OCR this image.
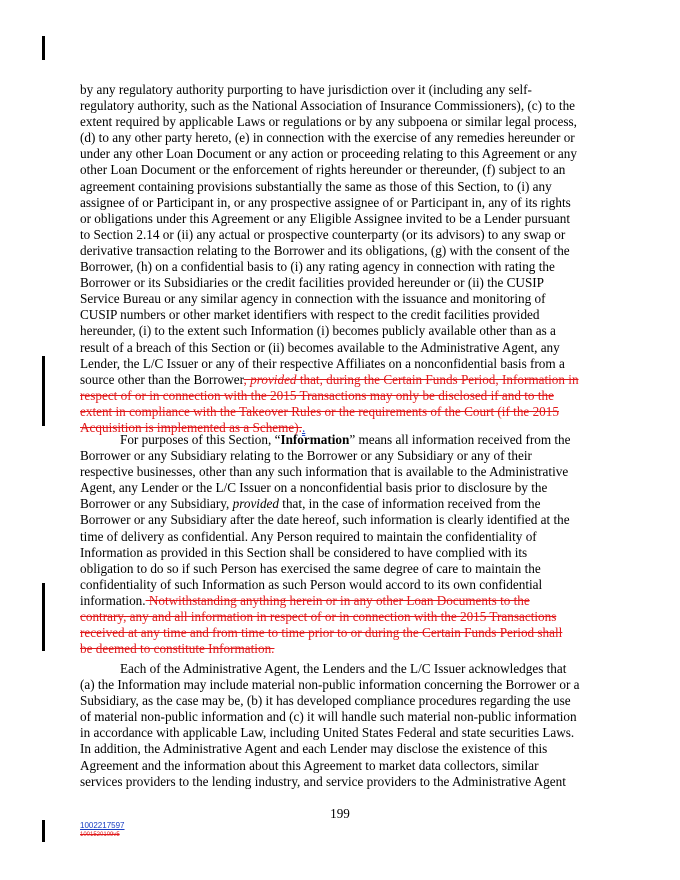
by any regulatory authority purporting to have jurisdiction over it (including any self-
regulatory authority, such as the National Association of Insurance Commissioners), (c) to the
extent required by applicable Laws or regulations or by any subpoena or similar legal process,
(d) to any other party hereto, (e) in connection with the exercise of any remedies hereunder or
under any other Loan Document or any action or proceeding relating to this Agreement or any
other Loan Document or the enforcement of rights hereunder or thereunder, (f) subject to an
agreement containing provisions substantially the same as those of this Section, to (i) any
assignee of or Participant in, or any prospective assignee of or Participant in, any of its rights
or obligations under this Agreement or any Eligible Assignee invited to be a Lender pursuant
to Section 2.14 or (ii) any actual or prospective counterparty (or its advisors) to any swap or
derivative transaction relating to the Borrower and its obligations, (g) with the consent of the
Borrower, (h) on a confidential basis to (i) any rating agency in connection with rating the
Borrower or its Subsidiaries or the credit facilities provided hereunder or (ii) the CUSIP
Service Bureau or any similar agency in connection with the issuance and monitoring of
CUSIP numbers or other market identifiers with respect to the credit facilities provided
hereunder, (i) to the extent such Information (i) becomes publicly available other than as a
result of a breach of this Section or (ii) becomes available to the Administrative Agent, any
Lender, the L/C Issuer or any of their respective Affiliates on a nonconfidential basis from a
source other than the Borrower, provided that, during the Certain Funds Period, Information in
respect of or in connection with the 2015 Transactions may only be disclosed if and to the
extent in compliance with the Takeover Rules or the requirements of the Court (if the 2015
Acquisition is implemented as a Scheme)..
For purposes of this Section, “Information” means all information received from the
Borrower or any Subsidiary relating to the Borrower or any Subsidiary or any of their
respective businesses, other than any such information that is available to the Administrative
Agent, any Lender or the L/C Issuer on a nonconfidential basis prior to disclosure by the
Borrower or any Subsidiary, provided that, in the case of information received from the
Borrower or any Subsidiary after the date hereof, such information is clearly identified at the
time of delivery as confidential. Any Person required to maintain the confidentiality of
Information as provided in this Section shall be considered to have complied with its
obligation to do so if such Person has exercised the same degree of care to maintain the
confidentiality of such Information as such Person would accord to its own confidential
information. Notwithstanding anything herein or in any other Loan Documents to the
contrary, any and all information in respect of or in connection with the 2015 Transactions
received at any time and from time to time prior to or during the Certain Funds Period shall
be deemed to constitute Information.
Each of the Administrative Agent, the Lenders and the L/C Issuer acknowledges that
(a) the Information may include material non-public information concerning the Borrower or a
Subsidiary, as the case may be, (b) it has developed compliance procedures regarding the use
of material non-public information and (c) it will handle such material non-public information
in accordance with applicable Law, including United States Federal and state securities Laws.
In addition, the Administrative Agent and each Lender may disclose the existence of this
Agreement and the information about this Agreement to market data collectors, similar
services providers to the lending industry, and service providers to the Administrative Agent
199
1002217597
1001520109v5
